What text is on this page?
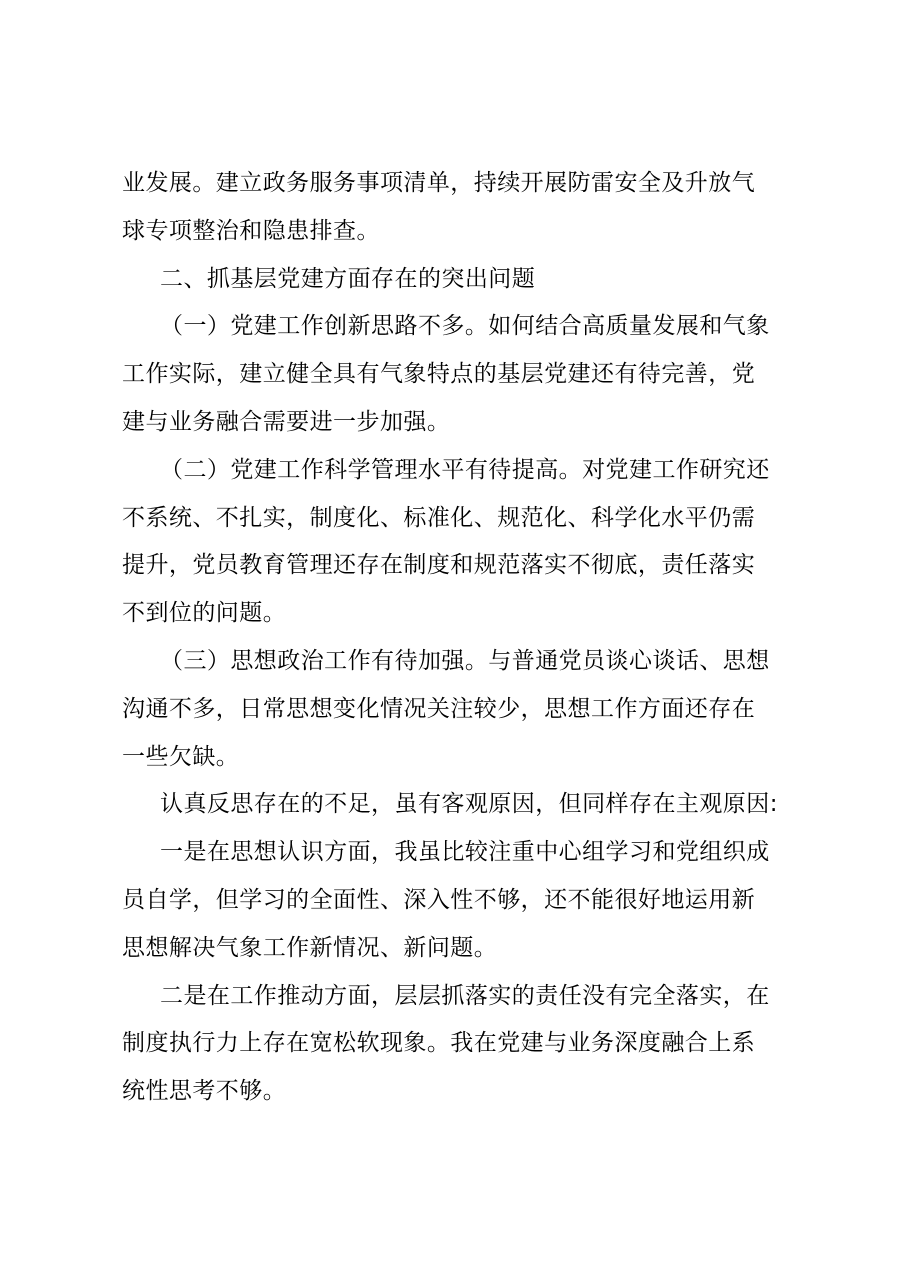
业发展。建立政务服务事项清单，持续开展防雷安全及升放气
球专项整治和隐患排查。
二、抓基层党建方面存在的突出问题
（一）党建工作创新思路不多。如何结合高质量发展和气象
工作实际，建立健全具有气象特点的基层党建还有待完善，党
建与业务融合需要进一步加强。
（二）党建工作科学管理水平有待提高。对党建工作研究还
不系统、不扎实，制度化、标准化、规范化、科学化水平仍需
提升，党员教育管理还存在制度和规范落实不彻底，责任落实
不到位的问题。
（三）思想政治工作有待加强。与普通党员谈心谈话、思想
沟通不多，日常思想变化情况关注较少，思想工作方面还存在
一些欠缺。
认真反思存在的不足，虽有客观原因，但同样存在主观原因:
一是在思想认识方面，我虽比较注重中心组学习和党组织成
员自学，但学习的全面性、深入性不够，还不能很好地运用新
思想解决气象工作新情况、新问题。
二是在工作推动方面，层层抓落实的责任没有完全落实，在
制度执行力上存在宽松软现象。我在党建与业务深度融合上系
统性思考不够。
